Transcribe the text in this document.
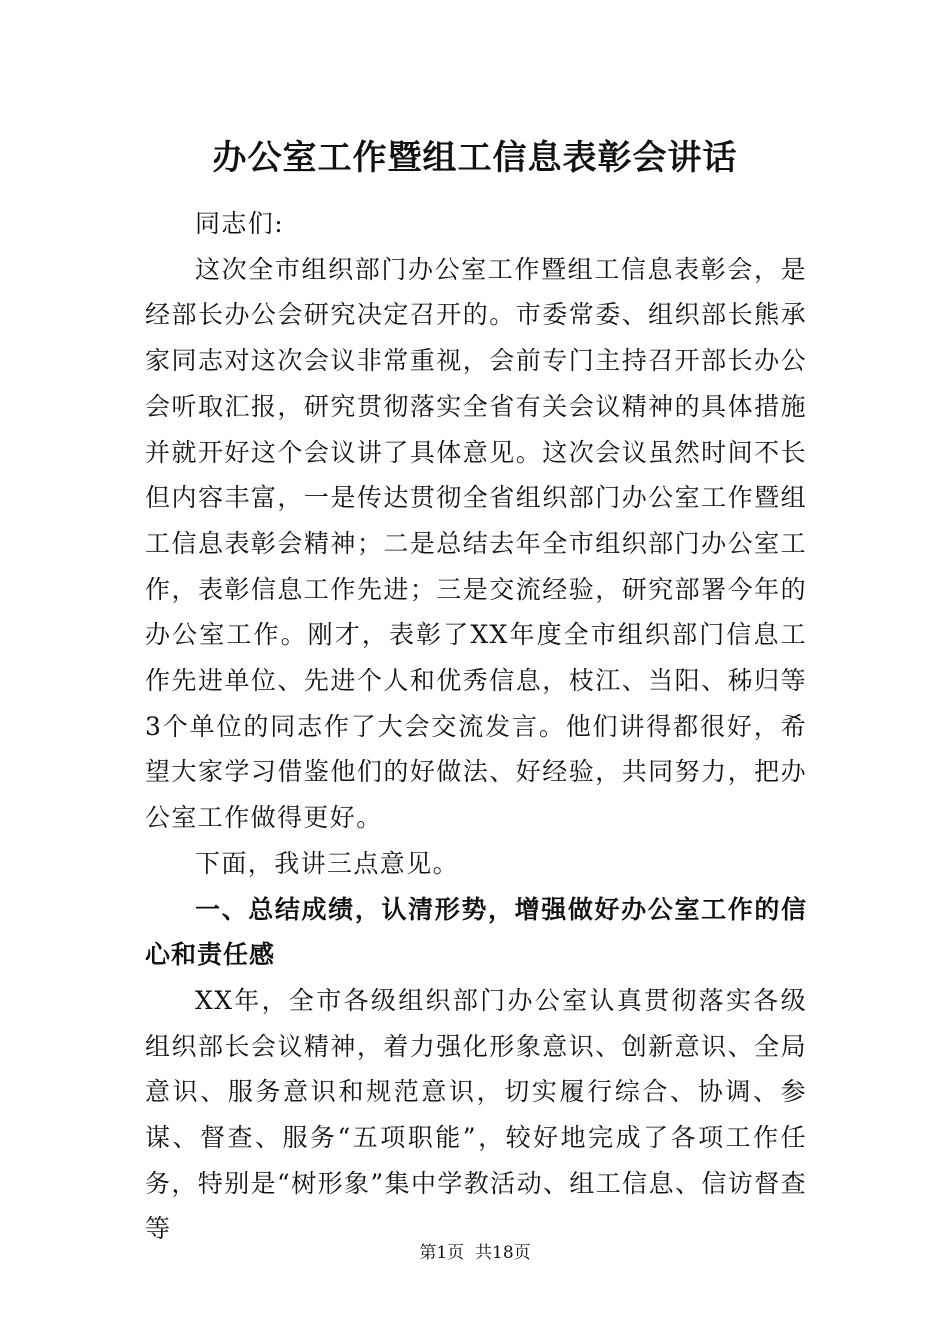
办公室工作暨组工信息表彰会讲话

同志们:

这次全市组织部门办公室工作暨组工信息表彰会，是经部长办公会研究决定召开的。市委常委、组织部长熊承家同志对这次会议非常重视，会前专门主持召开部长办公会听取汇报，研究贯彻落实全省有关会议精神的具体措施并就开好这个会议讲了具体意见。这次会议虽然时间不长但内容丰富，一是传达贯彻全省组织部门办公室工作暨组工信息表彰会精神；二是总结去年全市组织部门办公室工作，表彰信息工作先进；三是交流经验，研究部署今年的办公室工作。刚才，表彰了XX年度全市组织部门信息工作先进单位、先进个人和优秀信息，枝江、当阳、秭归等3个单位的同志作了大会交流发言。他们讲得都很好，希望大家学习借鉴他们的好做法、好经验，共同努力，把办公室工作做得更好。

下面，我讲三点意见。

一、总结成绩，认清形势，增强做好办公室工作的信心和责任感

XX年，全市各级组织部门办公室认真贯彻落实各级组织部长会议精神，着力强化形象意识、创新意识、全局意识、服务意识和规范意识，切实履行综合、协调、参谋、督查、服务“五项职能”，较好地完成了各项工作任务，特别是“树形象”集中学教活动、组工信息、信访督查等

第1页 共18页
